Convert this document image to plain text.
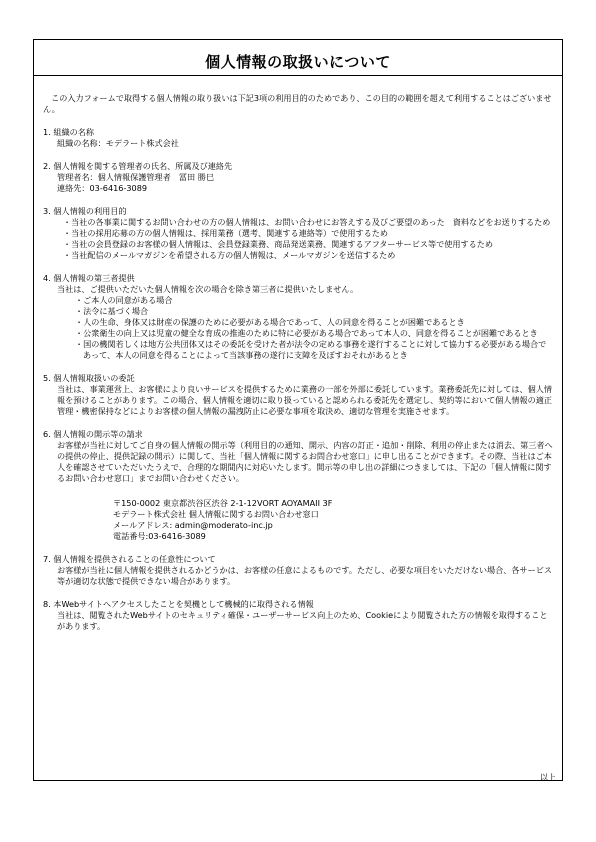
個人情報の取扱いについて

　この入力フォームで取得する個人情報の取り扱いは下記3項の利用目的のためであり、この目的の範囲を超えて利用することはございません。

1. 組織の名称

組織の名称：モデラート株式会社

2. 個人情報を関する管理者の氏名、所属及び連絡先

管理者名：個人情報保護管理者　冨田 勝巳

連絡先：03-6416-3089

3. 個人情報の利用目的

・当社の各事業に関するお問い合わせの方の個人情報は、お問い合わせにお答えする及びご要望のあった　資料などをお送りするため

・当社の採用応募の方の個人情報は、採用業務（選考、関連する連絡等）で使用するため

・当社の会員登録のお客様の個人情報は、会員登録業務、商品発送業務、関連するアフターサービス等で使用するため

・当社配信のメールマガジンを希望される方の個人情報は、メールマガジンを送信するため

4. 個人情報の第三者提供

当社は、ご提供いただいた個人情報を次の場合を除き第三者に提供いたしません。

・ご本人の同意がある場合

・法令に基づく場合

・人の生命、身体又は財産の保護のために必要がある場合であって、人の同意を得ることが困難であるとき

・公衆衛生の向上又は児童の健全な育成の推進のために特に必要がある場合であって本人の、同意を得ることが困難であるとき

・国の機関若しくは地方公共団体又はその委託を受けた者が法令の定める事務を遂行することに対して協力する必要がある場合であって、本人の同意を得ることによって当該事務の遂行に支障を及ぼすおそれがあるとき

5. 個人情報取扱いの委託

当社は、事業運営上、お客様により良いサービスを提供するために業務の一部を外部に委託しています。業務委託先に対しては、個人情報を預けることがあります。この場合、個人情報を適切に取り扱っていると認められる委託先を選定し、契約等において個人情報の適正管理・機密保持などによりお客様の個人情報の漏洩防止に必要な事項を取決め、適切な管理を実施させます。

6. 個人情報の開示等の請求

お客様が当社に対してご自身の個人情報の開示等（利用目的の通知、開示、内容の訂正・追加・削除、利用の停止または消去、第三者への提供の停止、提供記録の開示）に関して、当社「個人情報に関するお問合わせ窓口」に申し出ることができます。その際、当社はご本人を確認させていただいたうえで、合理的な期間内に対応いたします。開示等の申し出の詳細につきましては、下記の「個人情報に関するお問い合わせ窓口」までお問い合わせください。

〒150-0002 東京都渋谷区渋谷 2-1-12VORT AOYAMAII 3F

モデラート株式会社 個人情報に関するお問い合わせ窓口

メールアドレス: admin@moderato-inc.jp

電話番号:03-6416-3089

7. 個人情報を提供されることの任意性について

お客様が当社に個人情報を提供されるかどうかは、お客様の任意によるものです。ただし、必要な項目をいただけない場合、各サービス等が適切な状態で提供できない場合があります。

8. 本Webサイトへアクセスしたことを契機として機械的に取得される情報

当社は、閲覧されたWebサイトのセキュリティ確保・ユーザーサービス向上のため、Cookieにより閲覧された方の情報を取得することがあります。

以上
